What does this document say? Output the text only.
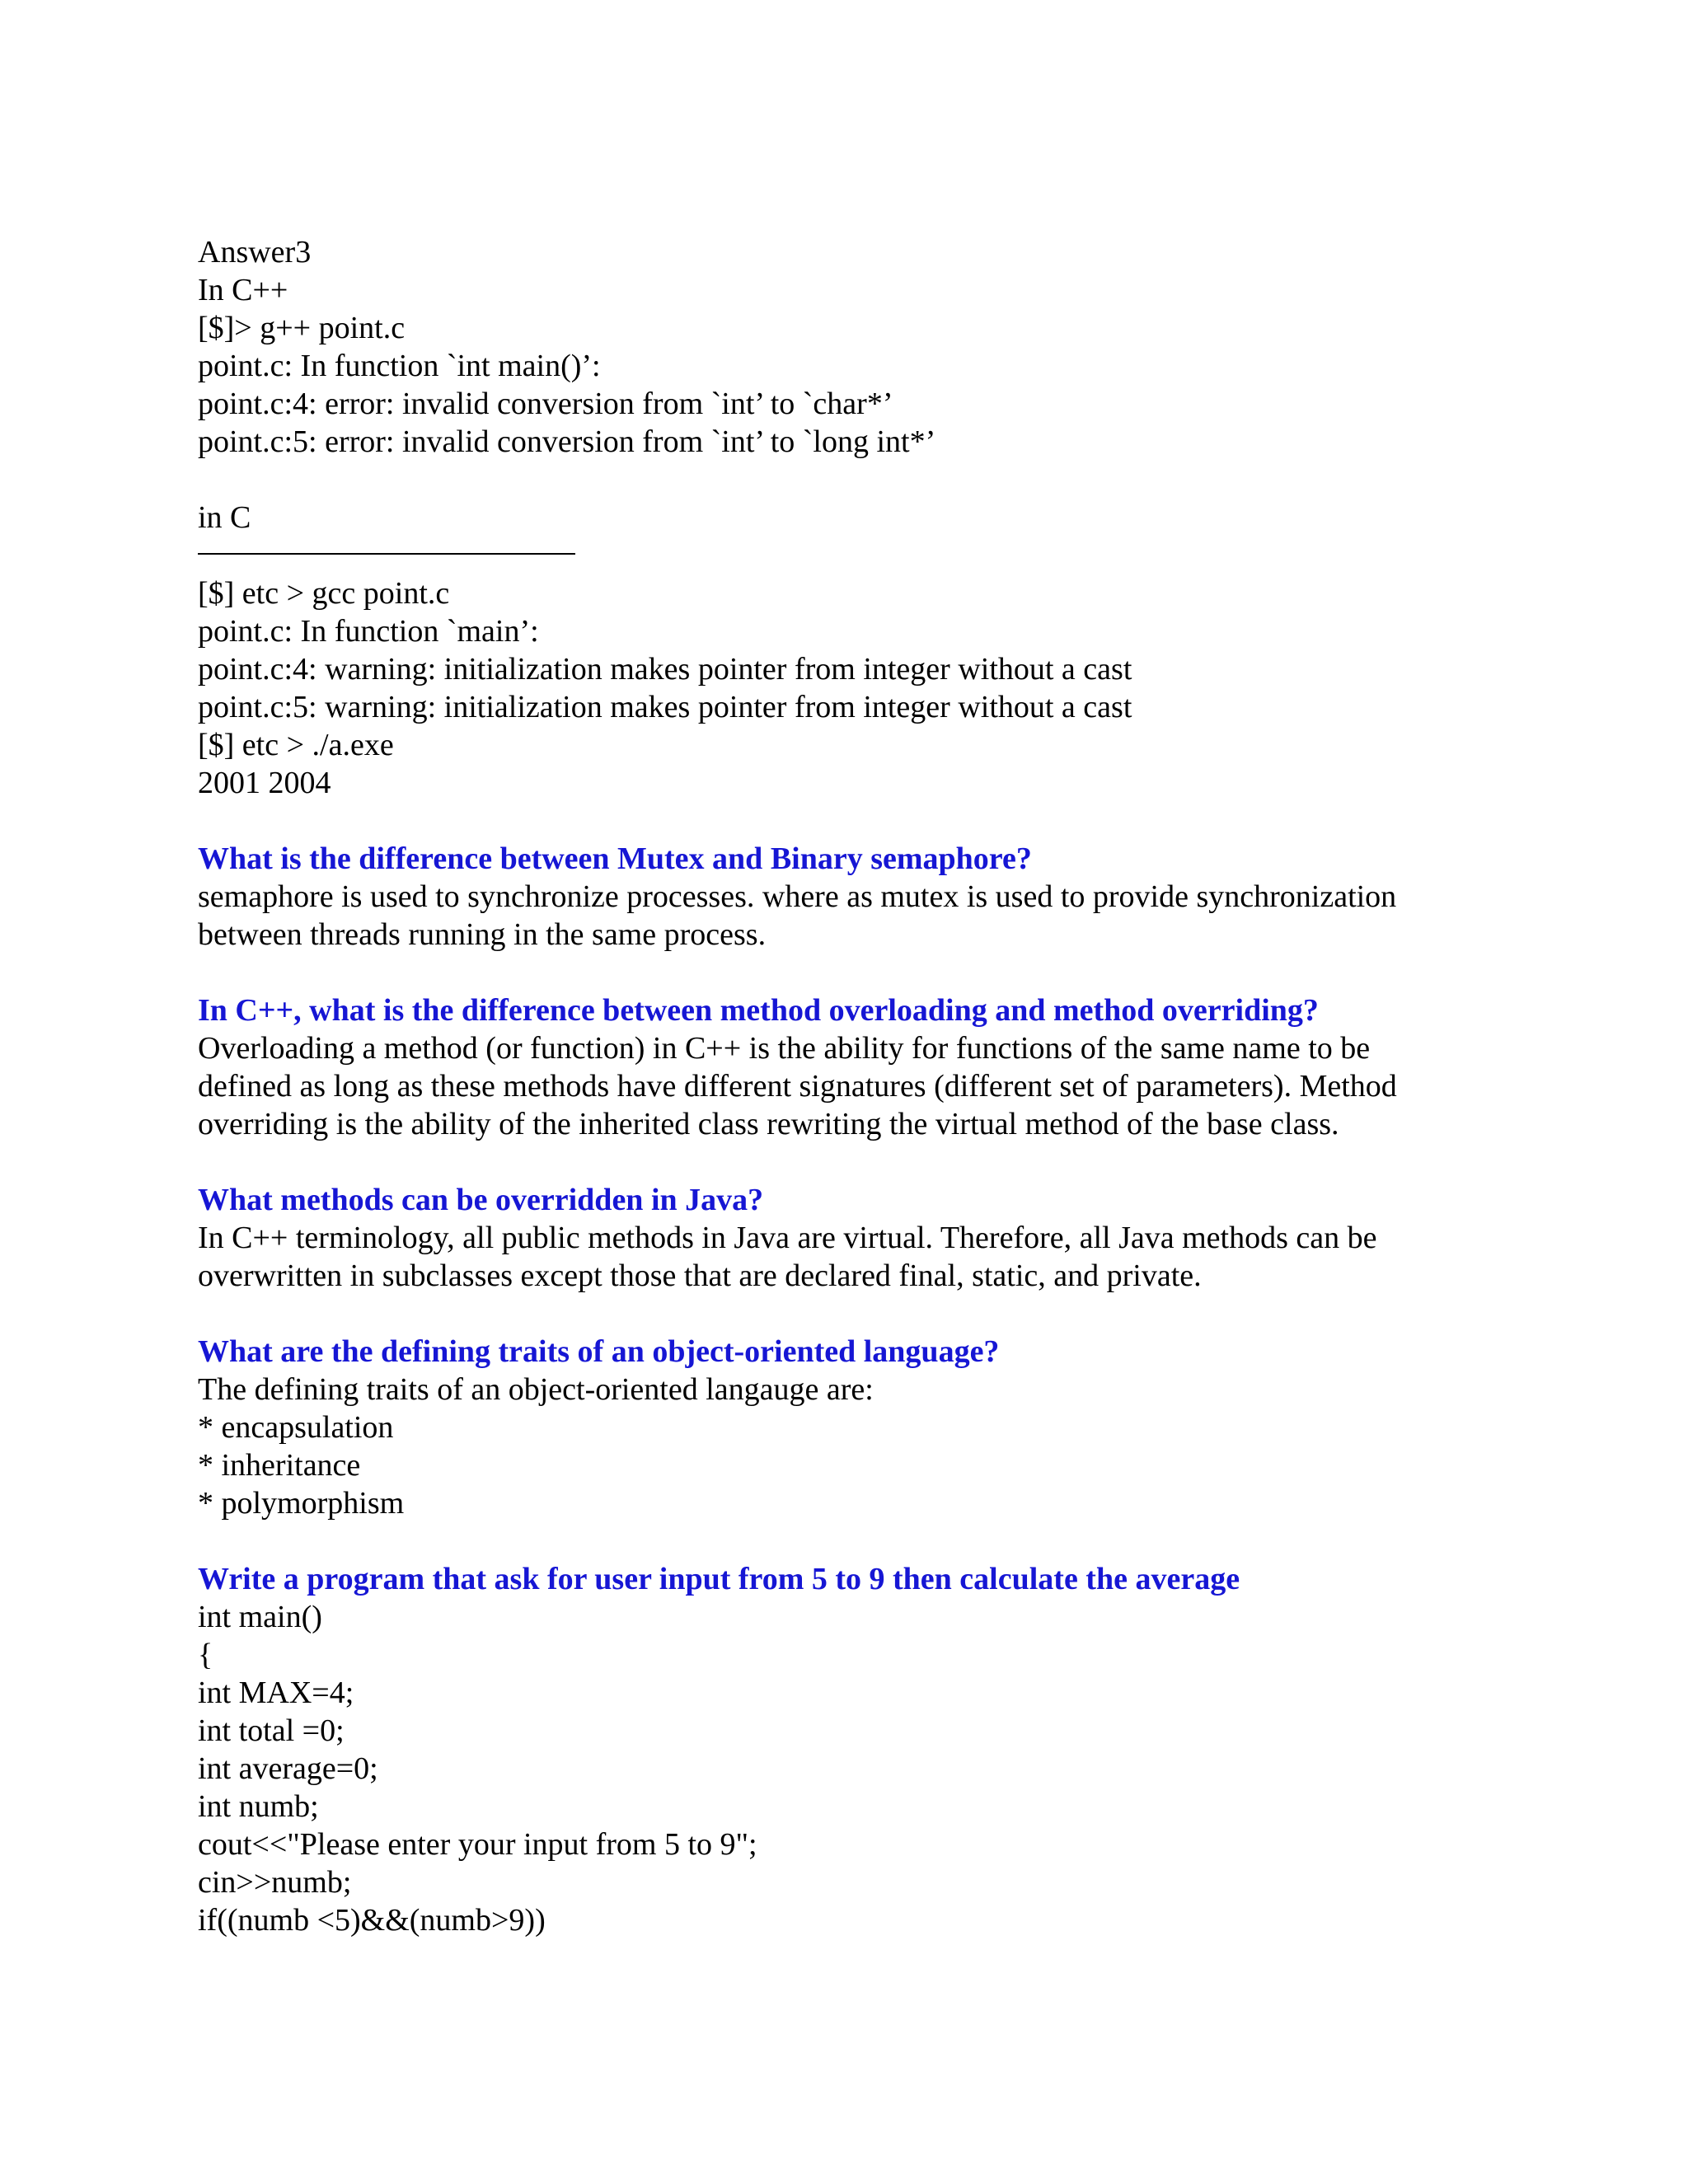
Answer3
In C++
[$]> g++ point.c
point.c: In function `int main()’:
point.c:4: error: invalid conversion from `int’ to `char*’
point.c:5: error: invalid conversion from `int’ to `long int*’
in C
[$] etc > gcc point.c
point.c: In function `main’:
point.c:4: warning: initialization makes pointer from integer without a cast
point.c:5: warning: initialization makes pointer from integer without a cast
[$] etc > ./a.exe
2001 2004
What is the difference between Mutex and Binary semaphore?
semaphore is used to synchronize processes. where as mutex is used to provide synchronization
between threads running in the same process.
In C++, what is the difference between method overloading and method overriding?
Overloading a method (or function) in C++ is the ability for functions of the same name to be
defined as long as these methods have different signatures (different set of parameters). Method
overriding is the ability of the inherited class rewriting the virtual method of the base class.
What methods can be overridden in Java?
In C++ terminology, all public methods in Java are virtual. Therefore, all Java methods can be
overwritten in subclasses except those that are declared final, static, and private.
What are the defining traits of an object-oriented language?
The defining traits of an object-oriented langauge are:
* encapsulation
* inheritance
* polymorphism
Write a program that ask for user input from 5 to 9 then calculate the average
int main()
{
int MAX=4;
int total =0;
int average=0;
int numb;
cout<<"Please enter your input from 5 to 9";
cin>>numb;
if((numb <5)&&(numb>9))
